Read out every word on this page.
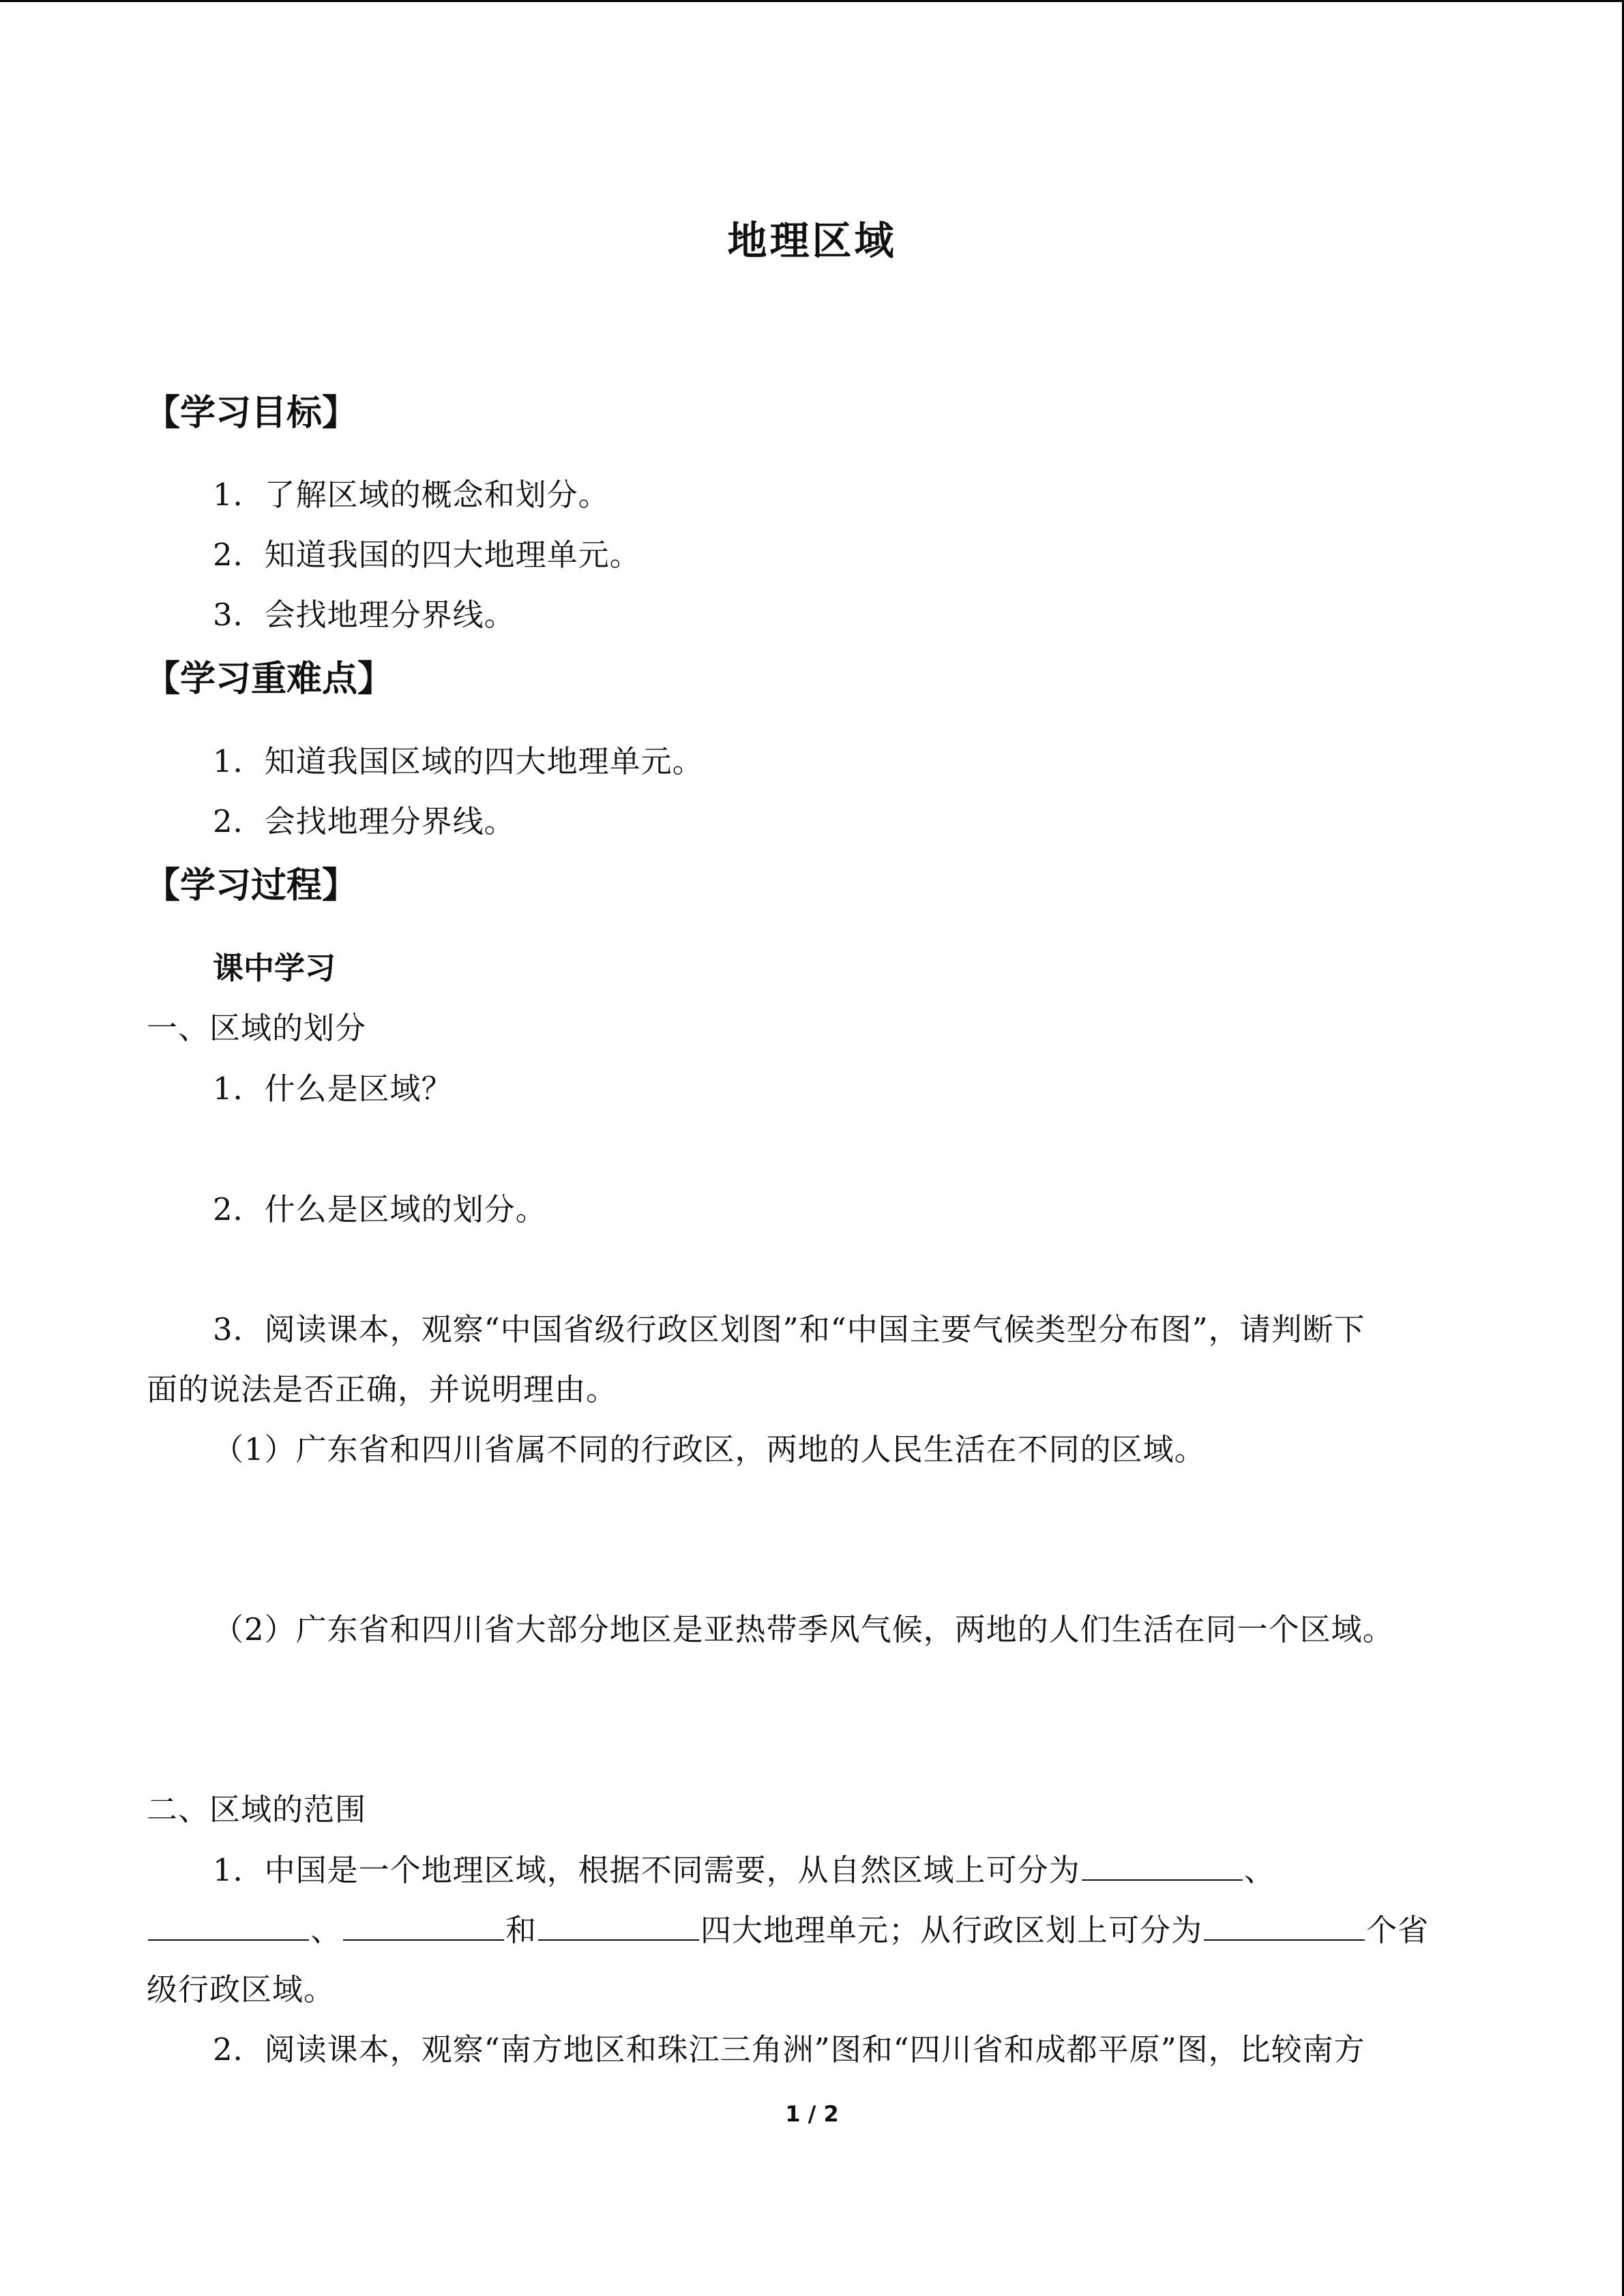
地理区域
【学习目标】
1．了解区域的概念和划分。
2．知道我国的四大地理单元。
3．会找地理分界线。
【学习重难点】
1．知道我国区域的四大地理单元。
2．会找地理分界线。
【学习过程】
课中学习
一、区域的划分
1．什么是区域？
2．什么是区域的划分。
3．阅读课本，观察“中国省级行政区划图”和“中国主要气候类型分布图”，请判断下
面的说法是否正确，并说明理由。
（1）广东省和四川省属不同的行政区，两地的人民生活在不同的区域。
（2）广东省和四川省大部分地区是亚热带季风气候，两地的人们生活在同一个区域。
二、区域的范围
1．中国是一个地理区域，根据不同需要，从自然区域上可分为	、
、	和	四大地理单元；从行政区划上可分为	个省
级行政区域。
2．阅读课本，观察“南方地区和珠江三角洲”图和“四川省和成都平原”图，比较南方
1 / 2
